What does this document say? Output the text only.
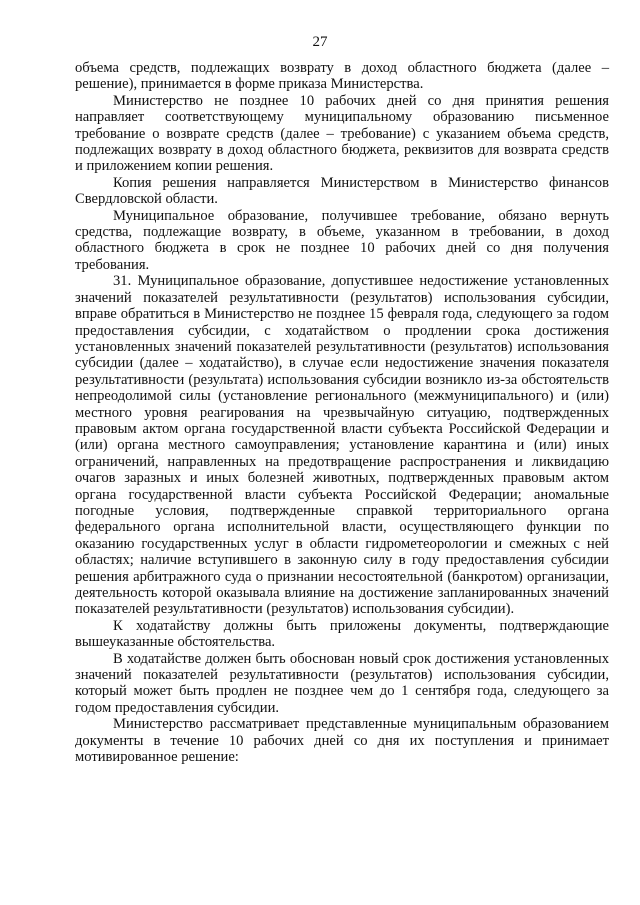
27

объема средств, подлежащих возврату в доход областного бюджета (далее – решение), принимается в форме приказа Министерства.

Министерство не позднее 10 рабочих дней со дня принятия решения направляет соответствующему муниципальному образованию письменное требование о возврате средств (далее – требование) с указанием объема средств, подлежащих возврату в доход областного бюджета, реквизитов для возврата средств и приложением копии решения.

Копия решения направляется Министерством в Министерство финансов Свердловской области.

Муниципальное образование, получившее требование, обязано вернуть средства, подлежащие возврату, в объеме, указанном в требовании, в доход областного бюджета в срок не позднее 10 рабочих дней со дня получения требования.

31. Муниципальное образование, допустившее недостижение установленных значений показателей результативности (результатов) использования субсидии, вправе обратиться в Министерство не позднее 15 февраля года, следующего за годом предоставления субсидии, с ходатайством о продлении срока достижения установленных значений показателей результативности (результатов) использования субсидии (далее – ходатайство), в случае если недостижение значения показателя результативности (результата) использования субсидии возникло из-за обстоятельств непреодолимой силы (установление регионального (межмуниципального) и (или) местного уровня реагирования на чрезвычайную ситуацию, подтвержденных правовым актом органа государственной власти субъекта Российской Федерации и (или) органа местного самоуправления; установление карантина и (или) иных ограничений, направленных на предотвращение распространения и ликвидацию очагов заразных и иных болезней животных, подтвержденных правовым актом органа государственной власти субъекта Российской Федерации; аномальные погодные условия, подтвержденные справкой территориального органа федерального органа исполнительной власти, осуществляющего функции по оказанию государственных услуг в области гидрометеорологии и смежных с ней областях; наличие вступившего в законную силу в году предоставления субсидии решения арбитражного суда о признании несостоятельной (банкротом) организации, деятельность которой оказывала влияние на достижение запланированных значений показателей результативности (результатов) использования субсидии).

К ходатайству должны быть приложены документы, подтверждающие вышеуказанные обстоятельства.

В ходатайстве должен быть обоснован новый срок достижения установленных значений показателей результативности (результатов) использования субсидии, который может быть продлен не позднее чем до 1 сентября года, следующего за годом предоставления субсидии.

Министерство рассматривает представленные муниципальным образованием документы в течение 10 рабочих дней со дня их поступления и принимает мотивированное решение:
